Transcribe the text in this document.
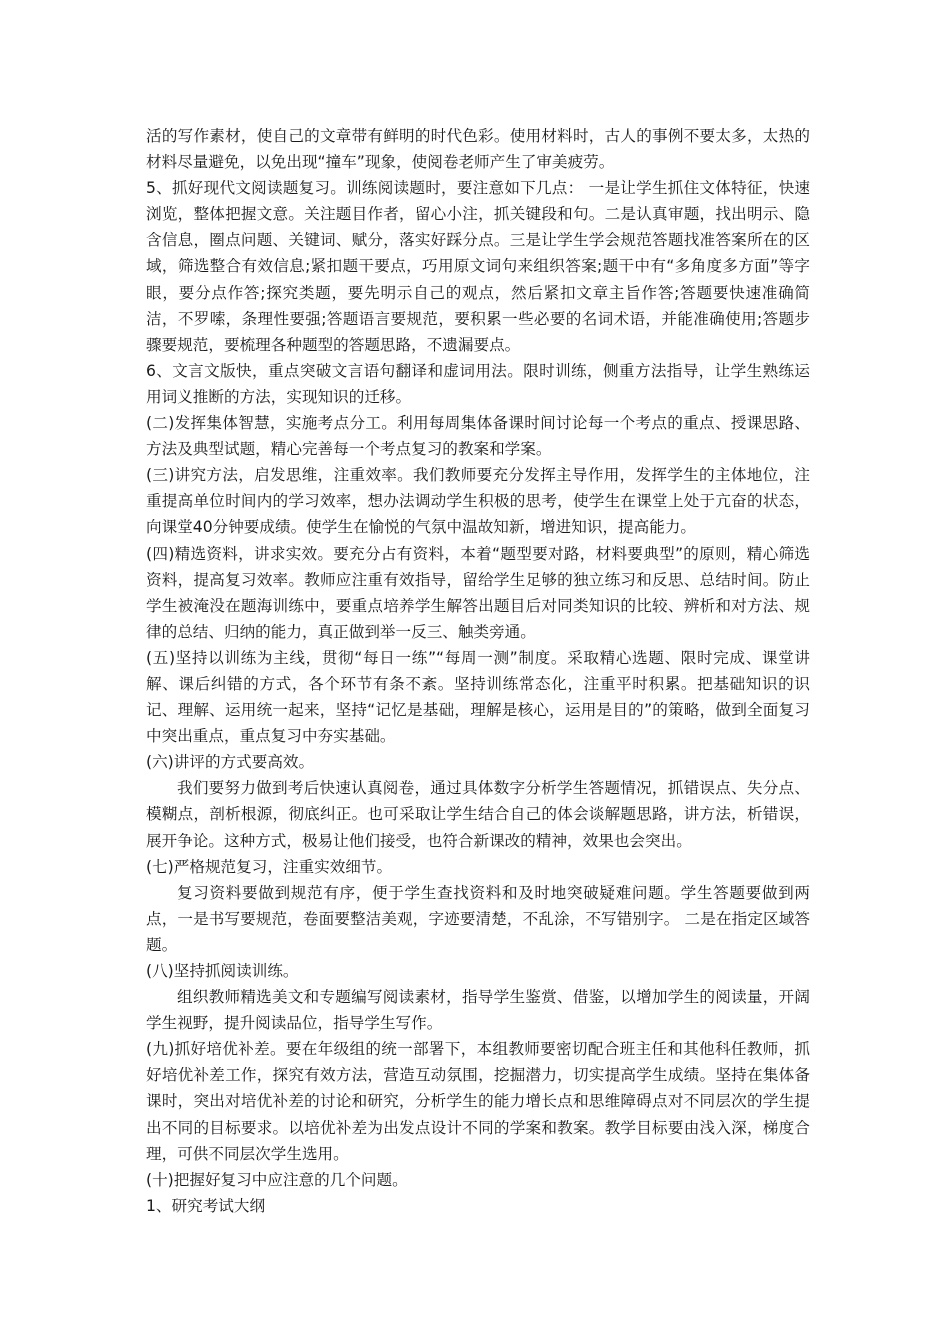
活的写作素材，使自己的文章带有鲜明的时代色彩。使用材料时，古人的事例不要太多，太热的材料尽量避免，以免出现“撞车”现象，使阅卷老师产生了审美疲劳。

5、抓好现代文阅读题复习。训练阅读题时，要注意如下几点： 一是让学生抓住文体特征，快速浏览，整体把握文意。关注题目作者，留心小注，抓关键段和句。二是认真审题，找出明示、隐含信息，圈点问题、关键词、赋分，落实好踩分点。三是让学生学会规范答题找准答案所在的区域，筛选整合有效信息;紧扣题干要点，巧用原文词句来组织答案;题干中有“多角度多方面”等字眼，要分点作答;探究类题，要先明示自己的观点，然后紧扣文章主旨作答;答题要快速准确简洁，不罗嗦，条理性要强;答题语言要规范，要积累一些必要的名词术语，并能准确使用;答题步骤要规范，要梳理各种题型的答题思路，不遗漏要点。

6、文言文版快，重点突破文言语句翻译和虚词用法。限时训练，侧重方法指导，让学生熟练运用词义推断的方法，实现知识的迁移。

(二)发挥集体智慧，实施考点分工。利用每周集体备课时间讨论每一个考点的重点、授课思路、方法及典型试题，精心完善每一个考点复习的教案和学案。

(三)讲究方法，启发思维，注重效率。我们教师要充分发挥主导作用，发挥学生的主体地位，注重提高单位时间内的学习效率，想办法调动学生积极的思考，使学生在课堂上处于亢奋的状态，向课堂40分钟要成绩。使学生在愉悦的气氛中温故知新，增进知识，提高能力。

(四)精选资料，讲求实效。要充分占有资料，本着“题型要对路，材料要典型”的原则，精心筛选资料，提高复习效率。教师应注重有效指导，留给学生足够的独立练习和反思、总结时间。防止学生被淹没在题海训练中，要重点培养学生解答出题目后对同类知识的比较、辨析和对方法、规律的总结、归纳的能力，真正做到举一反三、触类旁通。

(五)坚持以训练为主线，贯彻“每日一练”“每周一测”制度。采取精心选题、限时完成、课堂讲解、课后纠错的方式，各个环节有条不紊。坚持训练常态化，注重平时积累。把基础知识的识记、理解、运用统一起来，坚持“记忆是基础，理解是核心，运用是目的”的策略，做到全面复习中突出重点，重点复习中夯实基础。

(六)讲评的方式要高效。

我们要努力做到考后快速认真阅卷，通过具体数字分析学生答题情况，抓错误点、失分点、模糊点，剖析根源，彻底纠正。也可采取让学生结合自己的体会谈解题思路，讲方法，析错误，展开争论。这种方式，极易让他们接受，也符合新课改的精神，效果也会突出。

(七)严格规范复习，注重实效细节。

复习资料要做到规范有序，便于学生查找资料和及时地突破疑难问题。学生答题要做到两点，一是书写要规范，卷面要整洁美观，字迹要清楚，不乱涂，不写错别字。 二是在指定区域答题。

(八)坚持抓阅读训练。

组织教师精选美文和专题编写阅读素材，指导学生鉴赏、借鉴，以增加学生的阅读量，开阔学生视野，提升阅读品位，指导学生写作。

(九)抓好培优补差。要在年级组的统一部署下，本组教师要密切配合班主任和其他科任教师，抓好培优补差工作，探究有效方法，营造互动氛围，挖掘潜力，切实提高学生成绩。坚持在集体备课时，突出对培优补差的讨论和研究，分析学生的能力增长点和思维障碍点对不同层次的学生提出不同的目标要求。以培优补差为出发点设计不同的学案和教案。教学目标要由浅入深，梯度合理，可供不同层次学生选用。

(十)把握好复习中应注意的几个问题。

1、研究考试大纲
